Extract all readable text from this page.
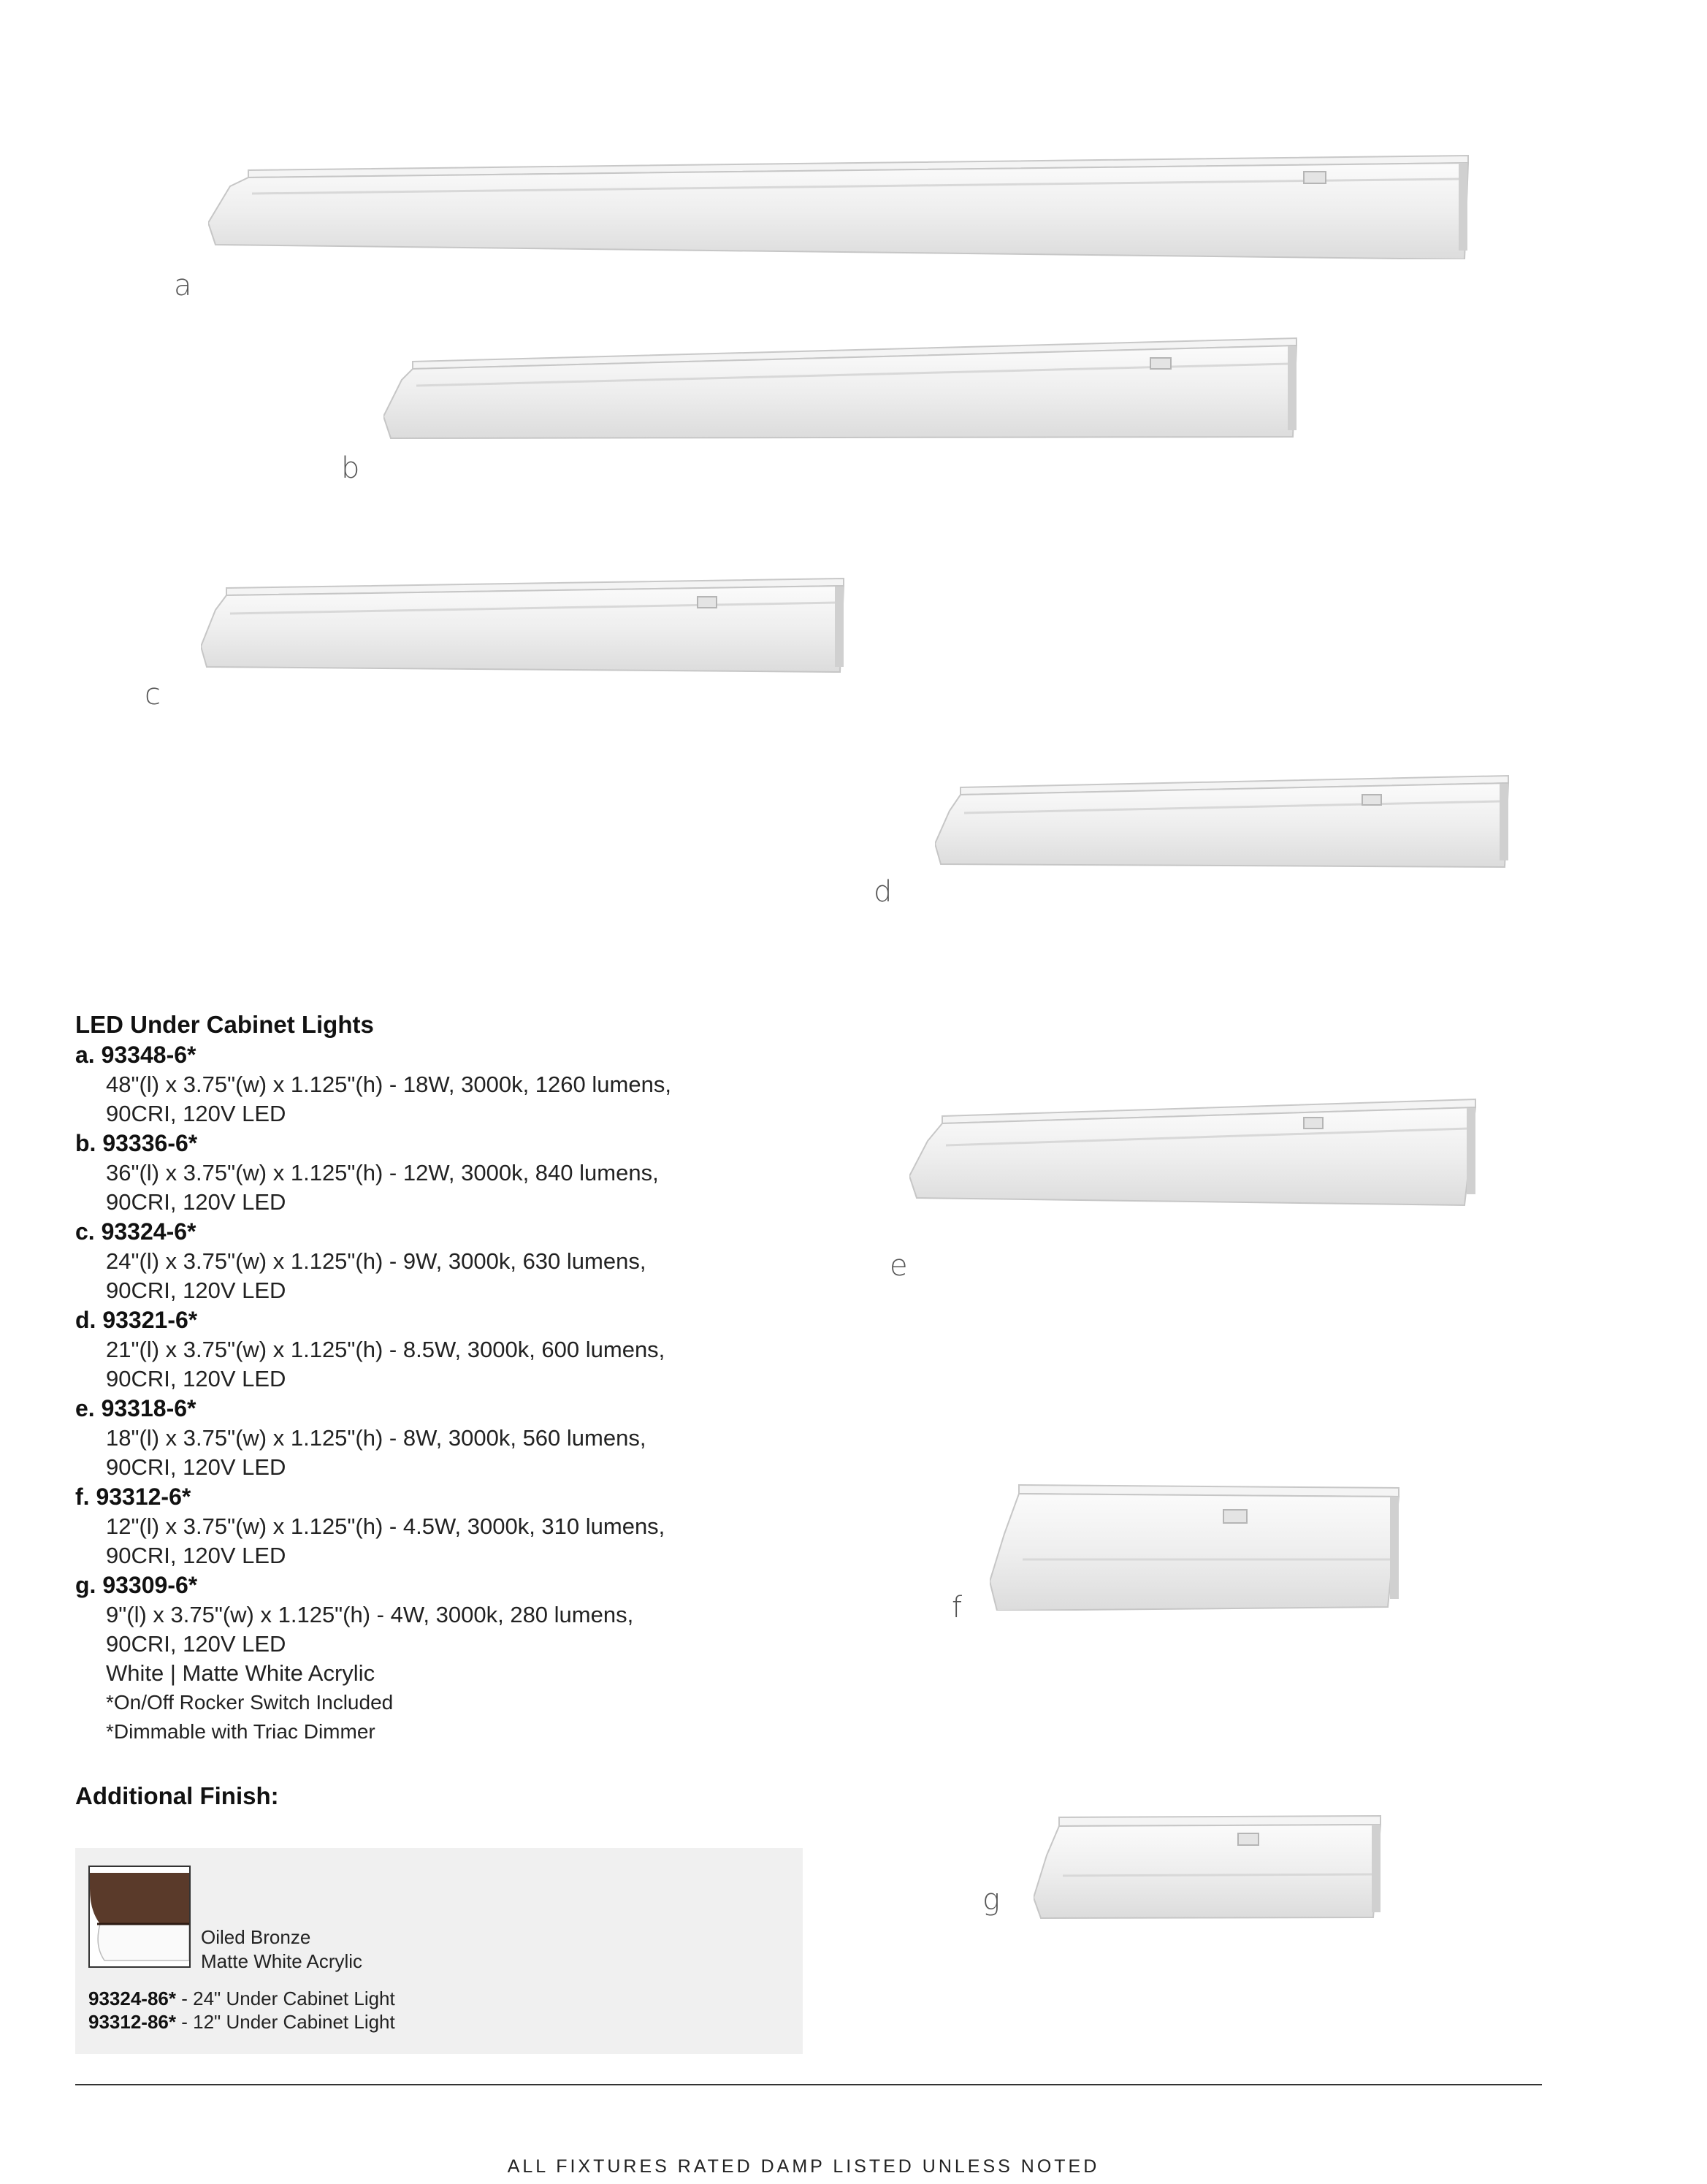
a
b
c
d
e
f
g
LED Under Cabinet Lights
a. 93348-6*
48"(l) x 3.75"(w) x 1.125"(h) - 18W, 3000k, 1260 lumens,
90CRI, 120V LED
b. 93336-6*
36"(l) x 3.75"(w) x 1.125"(h) - 12W, 3000k, 840 lumens,
90CRI, 120V LED
c. 93324-6*
24"(l) x 3.75"(w) x 1.125"(h) - 9W, 3000k, 630 lumens,
90CRI, 120V LED
d. 93321-6*
21"(l) x 3.75"(w) x 1.125"(h) - 8.5W, 3000k, 600 lumens,
90CRI, 120V LED
e. 93318-6*
18"(l) x 3.75"(w) x 1.125"(h) - 8W, 3000k, 560 lumens,
90CRI, 120V LED
f. 93312-6*
12"(l) x 3.75"(w) x 1.125"(h) - 4.5W, 3000k, 310 lumens,
90CRI, 120V LED
g. 93309-6*
9"(l) x 3.75"(w) x 1.125"(h) - 4W, 3000k, 280 lumens,
90CRI, 120V LED
White | Matte White Acrylic
*On/Off Rocker Switch Included
*Dimmable with Triac Dimmer
Additional Finish:
Oiled Bronze
Matte White Acrylic
93324-86* - 24" Under Cabinet Light
93312-86* - 12" Under Cabinet Light
ALL FIXTURES RATED DAMP LISTED UNLESS NOTED
